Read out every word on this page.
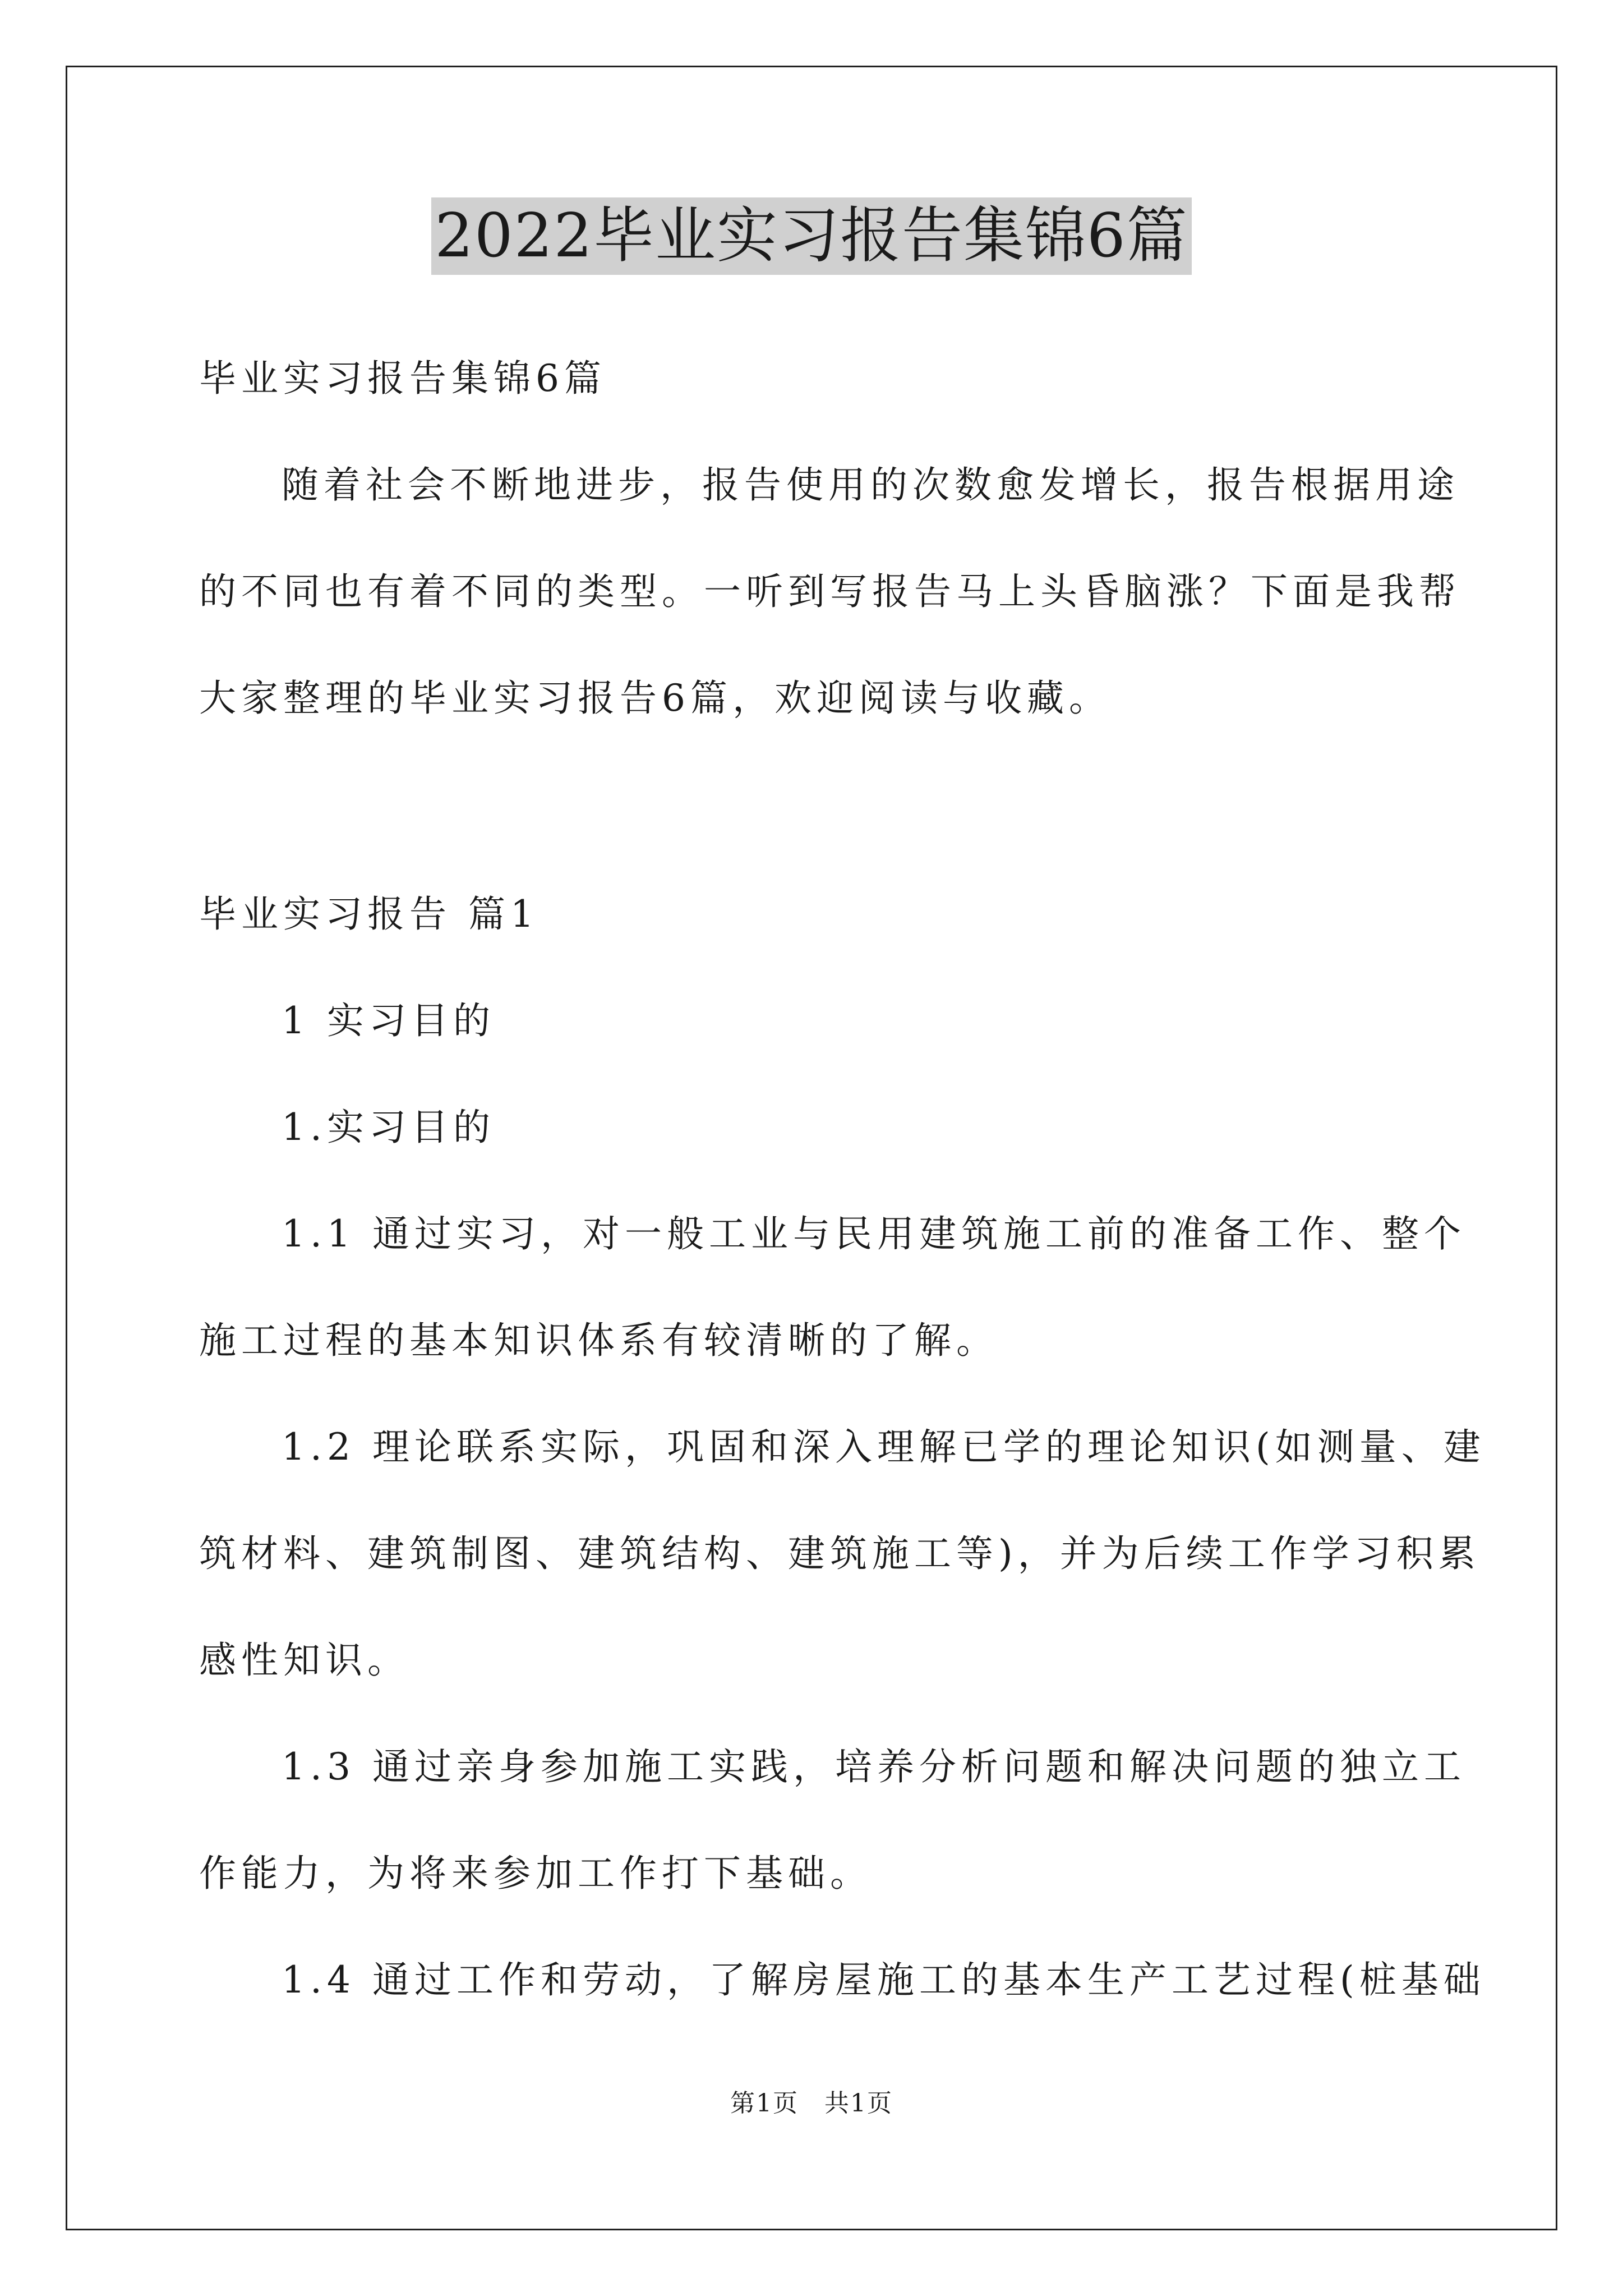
2022毕业实习报告集锦6篇

毕业实习报告集锦6篇

随着社会不断地进步，报告使用的次数愈发增长，报告根据用途
的不同也有着不同的类型。一听到写报告马上头昏脑涨？下面是我帮
大家整理的毕业实习报告6篇，欢迎阅读与收藏。

毕业实习报告 篇1

1 实习目的

1.实习目的

1.1 通过实习，对一般工业与民用建筑施工前的准备工作、整个
施工过程的基本知识体系有较清晰的了解。

1.2 理论联系实际，巩固和深入理解已学的理论知识(如测量、建
筑材料、建筑制图、建筑结构、建筑施工等)，并为后续工作学习积累
感性知识。

1.3 通过亲身参加施工实践，培养分析问题和解决问题的独立工
作能力，为将来参加工作打下基础。

1.4 通过工作和劳动，了解房屋施工的基本生产工艺过程(桩基础

第1页　共1页
